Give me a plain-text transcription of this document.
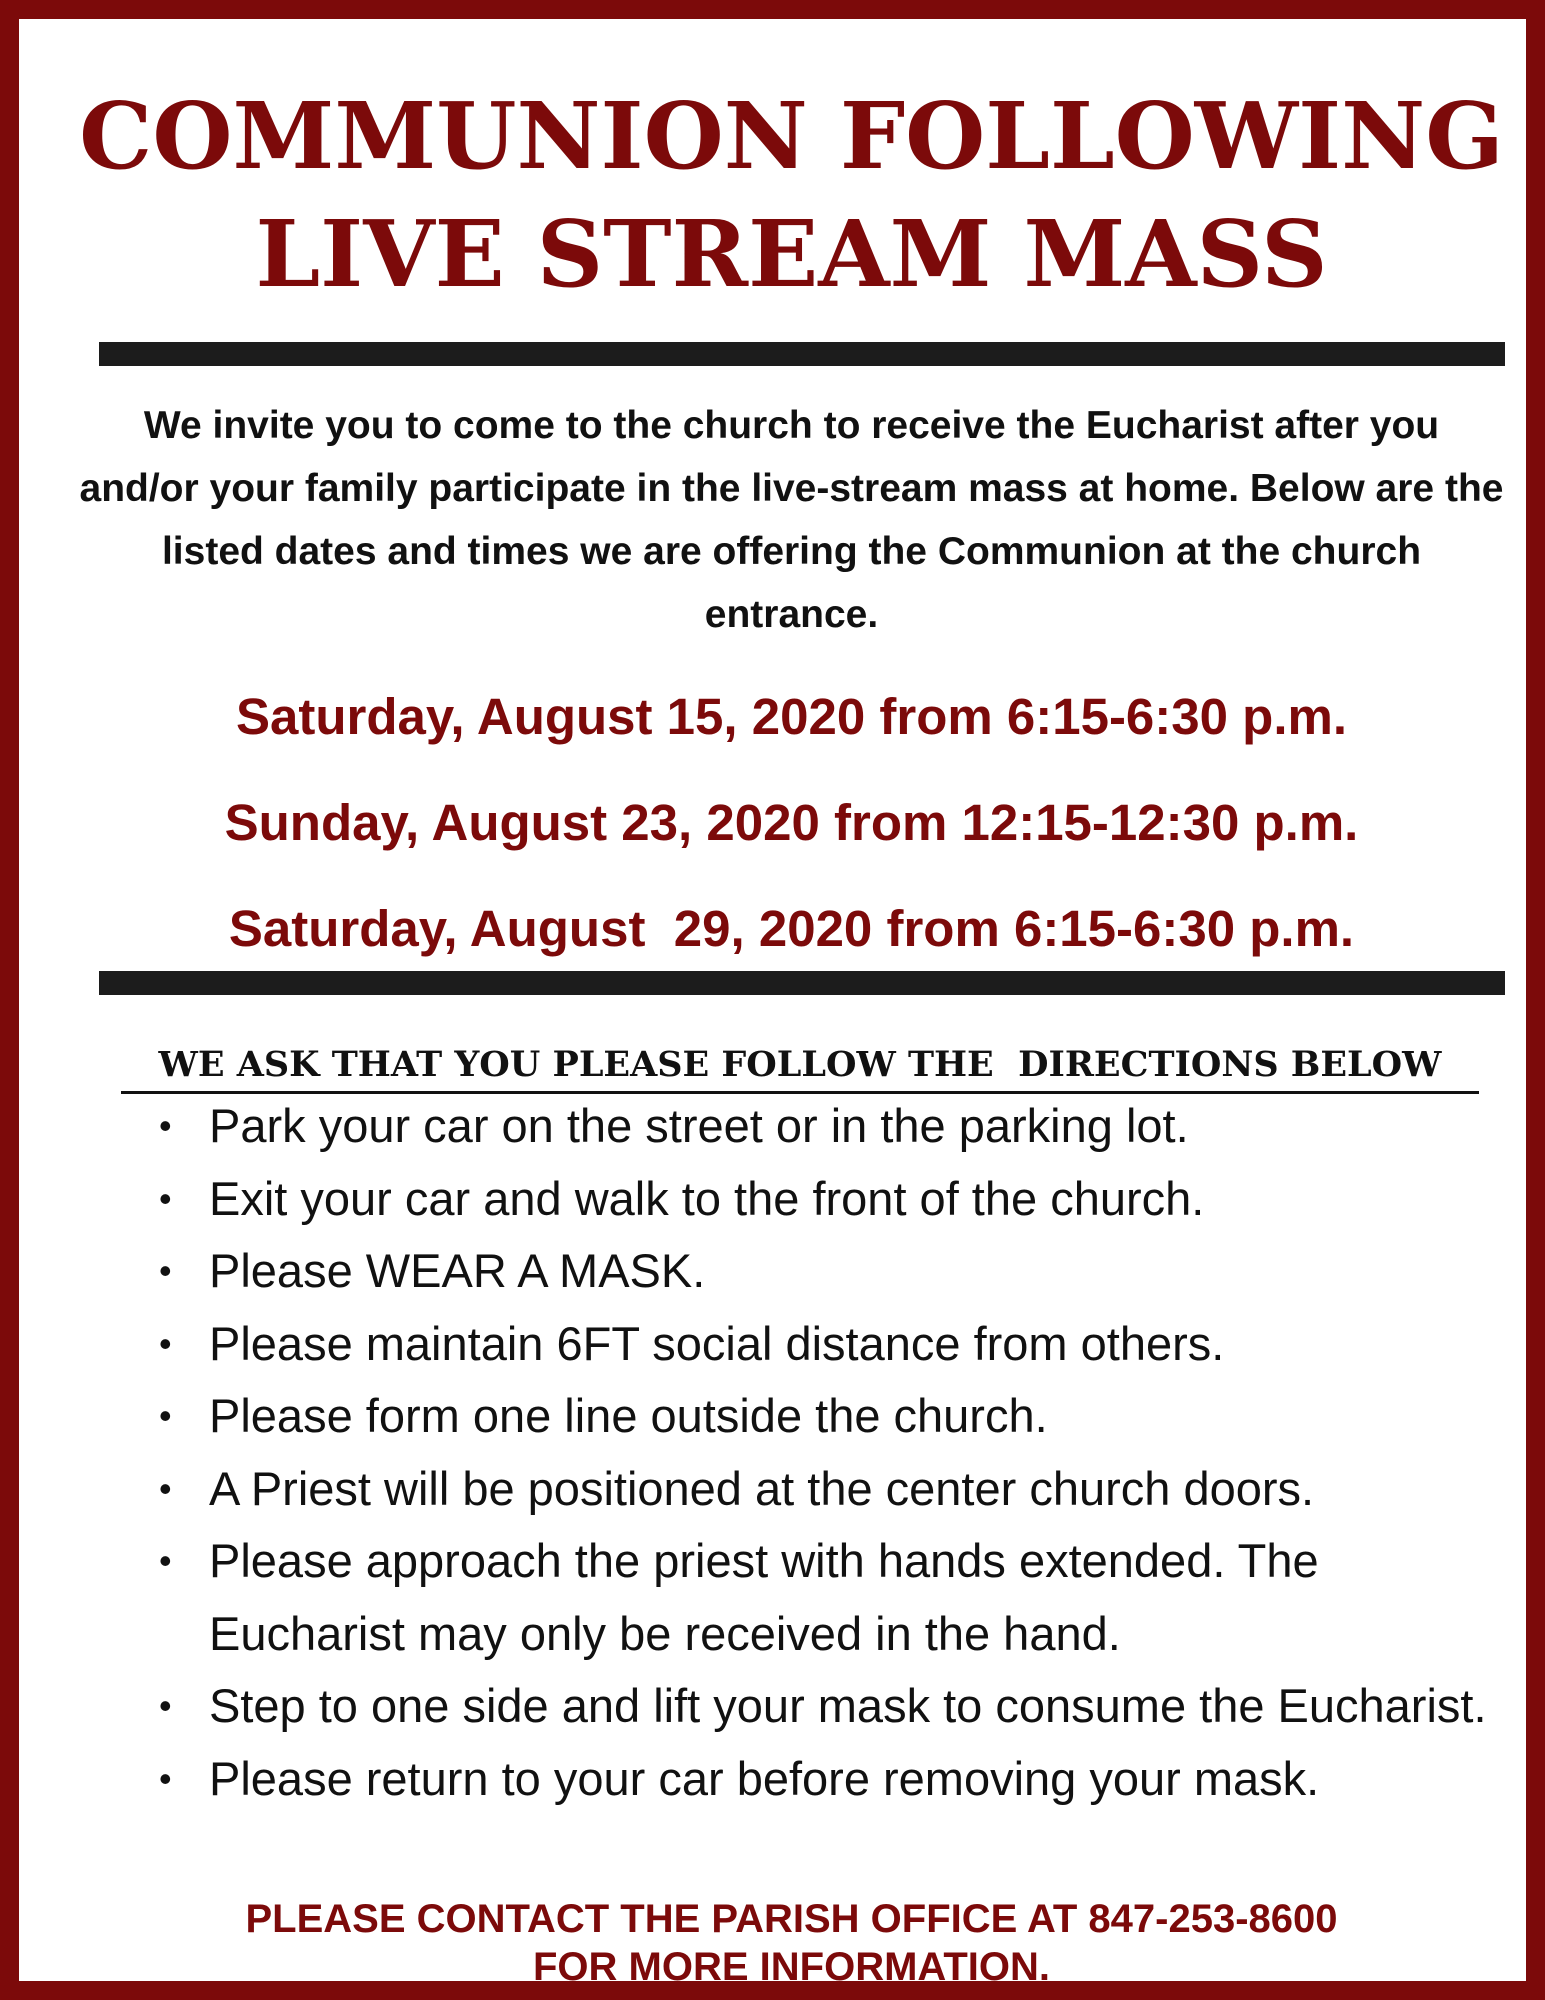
COMMUNION FOLLOWING
LIVE STREAM MASS

We invite you to come to the church to receive the Eucharist after you and/or your family participate in the live-stream mass at home. Below are the listed dates and times we are offering the Communion at the church entrance.

Saturday, August 15, 2020 from 6:15-6:30 p.m.
Sunday, August 23, 2020 from 12:15-12:30 p.m.
Saturday, August  29, 2020 from 6:15-6:30 p.m.
WE ASK THAT YOU PLEASE FOLLOW THE  DIRECTIONS BELOW
• Park your car on the street or in the parking lot.
• Exit your car and walk to the front of the church.
• Please WEAR A MASK.
• Please maintain 6FT social distance from others.
• Please form one line outside the church.
• A Priest will be positioned at the center church doors.
• Please approach the priest with hands extended. The Eucharist may only be received in the hand.
• Step to one side and lift your mask to consume the Eucharist.
• Please return to your car before removing your mask.
PLEASE CONTACT THE PARISH OFFICE AT 847-253-8600
FOR MORE INFORMATION.
